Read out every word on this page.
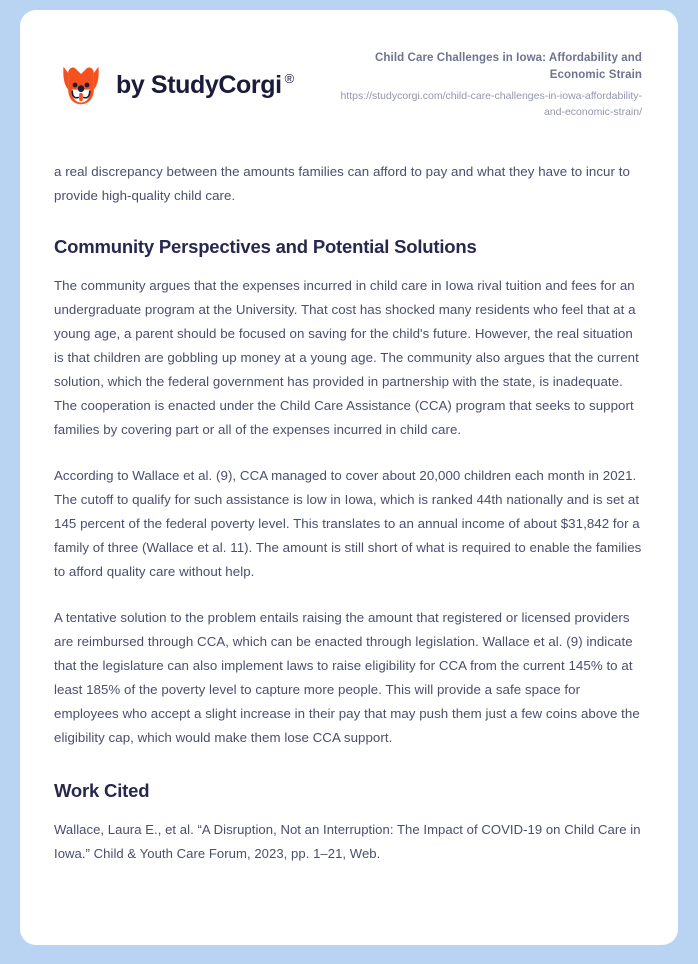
by StudyCorgi ®
Child Care Challenges in Iowa: Affordability and Economic Strain
https://studycorgi.com/child-care-challenges-in-iowa-affordability-and-economic-strain/

a real discrepancy between the amounts families can afford to pay and what they have to incur to provide high-quality child care.

Community Perspectives and Potential Solutions

The community argues that the expenses incurred in child care in Iowa rival tuition and fees for an undergraduate program at the University. That cost has shocked many residents who feel that at a young age, a parent should be focused on saving for the child's future. However, the real situation is that children are gobbling up money at a young age. The community also argues that the current solution, which the federal government has provided in partnership with the state, is inadequate. The cooperation is enacted under the Child Care Assistance (CCA) program that seeks to support families by covering part or all of the expenses incurred in child care.

According to Wallace et al. (9), CCA managed to cover about 20,000 children each month in 2021. The cutoff to qualify for such assistance is low in Iowa, which is ranked 44th nationally and is set at 145 percent of the federal poverty level. This translates to an annual income of about $31,842 for a family of three (Wallace et al. 11). The amount is still short of what is required to enable the families to afford quality care without help.

A tentative solution to the problem entails raising the amount that registered or licensed providers are reimbursed through CCA, which can be enacted through legislation. Wallace et al. (9) indicate that the legislature can also implement laws to raise eligibility for CCA from the current 145% to at least 185% of the poverty level to capture more people. This will provide a safe space for employees who accept a slight increase in their pay that may push them just a few coins above the eligibility cap, which would make them lose CCA support.

Work Cited

Wallace, Laura E., et al. “A Disruption, Not an Interruption: The Impact of COVID-19 on Child Care in Iowa.” Child & Youth Care Forum, 2023, pp. 1–21, Web.
